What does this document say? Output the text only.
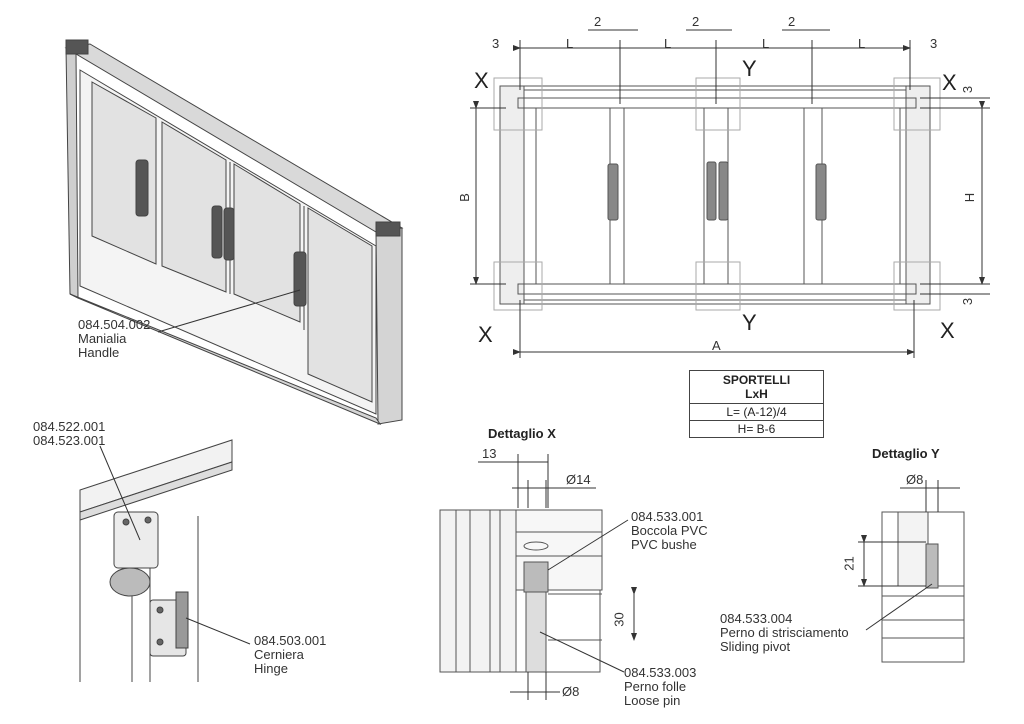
084.504.002
Manialia
Handle
084.522.001
084.523.001
084.503.001
Cerniera
Hinge
3	L	L	L	L	3
2	2	2
3
3
B	H
A
X	X
X	X
Y
Y
SPORTELLI
LxH
L= (A-12)/4
H= B-6
Dettaglio X
13
Ø14
30
Ø8
084.533.001
Boccola PVC
PVC bushe
084.533.003
Perno folle
Loose pin
Dettaglio Y
Ø8
21
084.533.004
Perno di strisciamento
Sliding pivot
